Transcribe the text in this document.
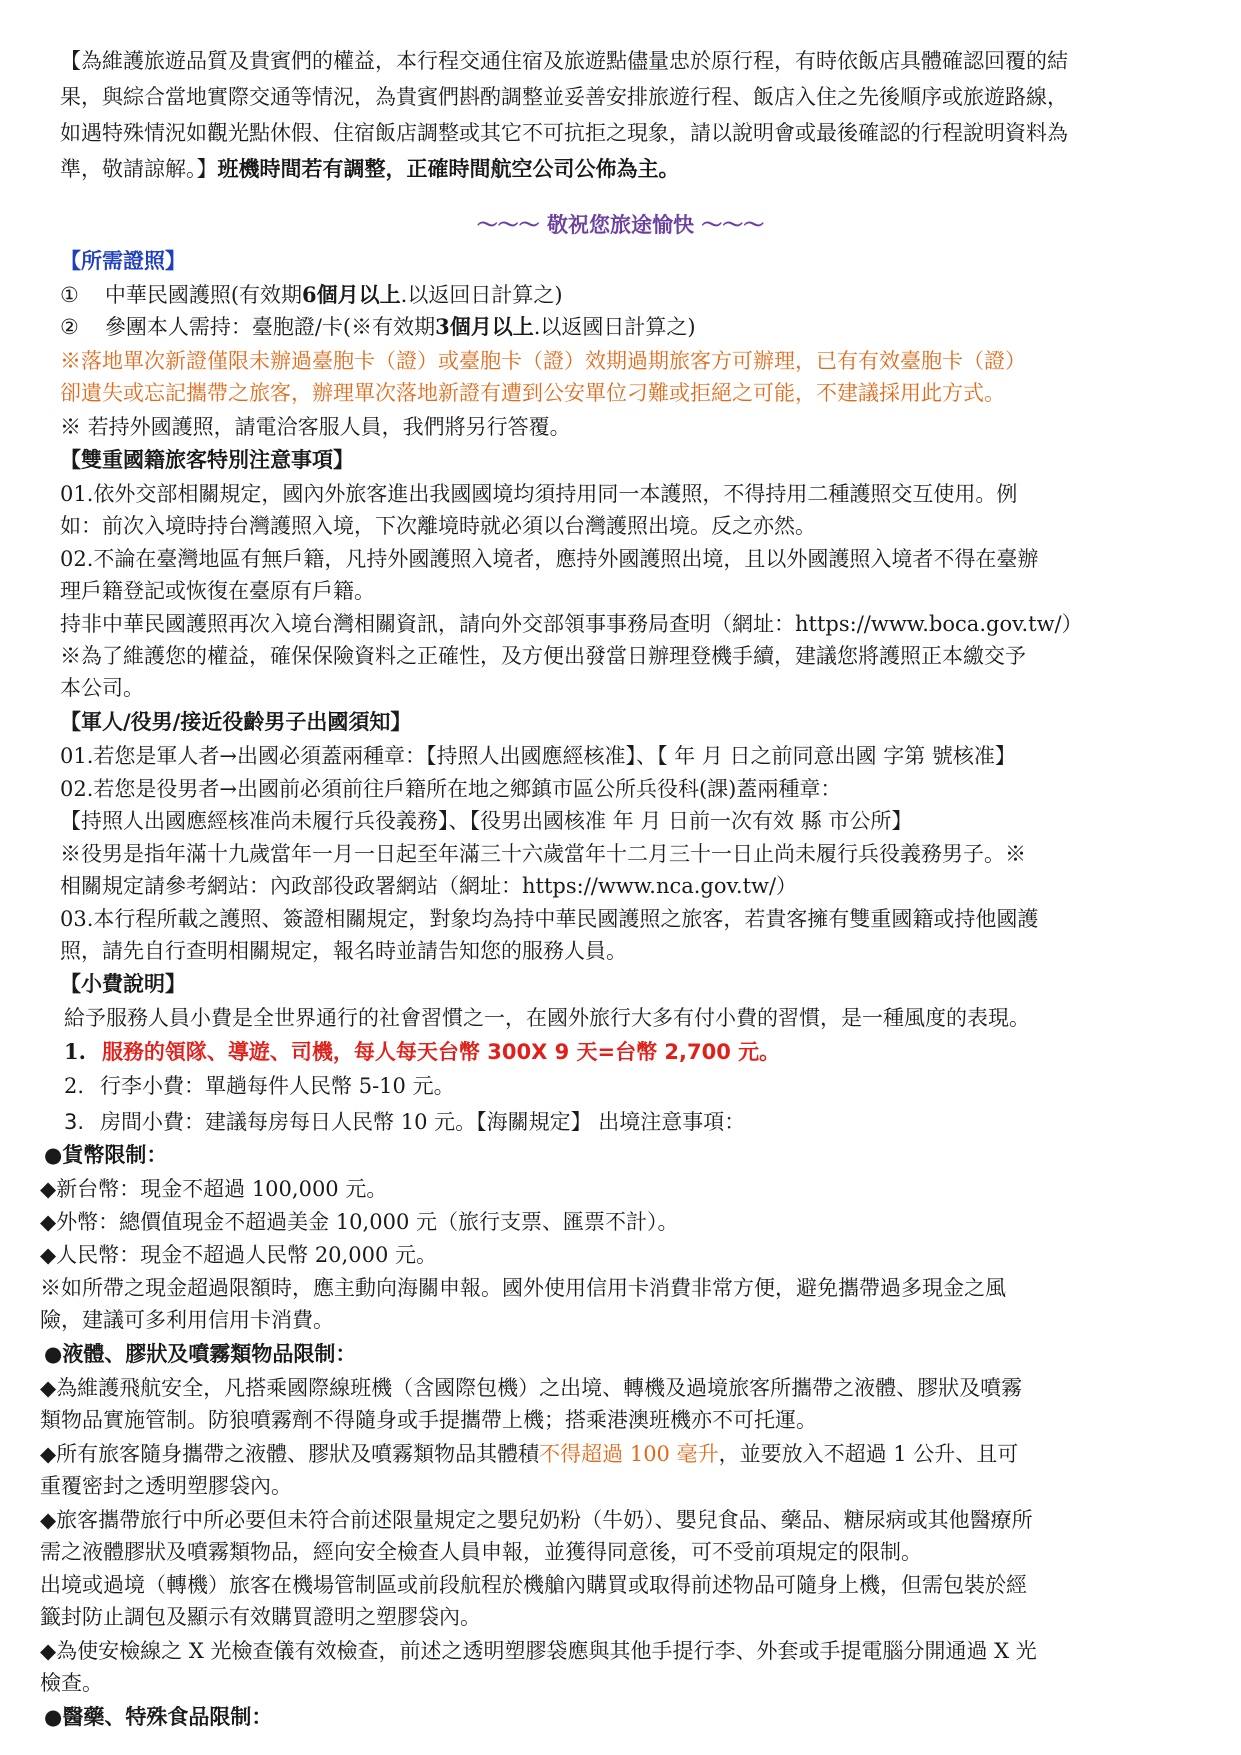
【為維護旅遊品質及貴賓們的權益，本行程交通住宿及旅遊點儘量忠於原行程，有時依飯店具體確認回覆的結
果，與綜合當地實際交通等情況，為貴賓們斟酌調整並妥善安排旅遊行程、飯店入住之先後順序或旅遊路線，
如遇特殊情況如觀光點休假、住宿飯店調整或其它不可抗拒之現象，請以說明會或最後確認的行程說明資料為
準，敬請諒解。】班機時間若有調整，正確時間航空公司公佈為主。
～～～ 敬祝您旅途愉快 ～～～
【所需證照】
① 中華民國護照(有效期6個月以上.以返回日計算之)
② 參團本人需持：臺胞證/卡(※有效期3個月以上.以返國日計算之)
※落地單次新證僅限未辦過臺胞卡（證）或臺胞卡（證）效期過期旅客方可辦理，已有有效臺胞卡（證）
卻遺失或忘記攜帶之旅客，辦理單次落地新證有遭到公安單位刁難或拒絕之可能，不建議採用此方式。
※ 若持外國護照，請電洽客服人員，我們將另行答覆。
【雙重國籍旅客特別注意事項】
01.依外交部相關規定，國內外旅客進出我國國境均須持用同一本護照，不得持用二種護照交互使用。例
如：前次入境時持台灣護照入境，下次離境時就必須以台灣護照出境。反之亦然。
02.不論在臺灣地區有無戶籍，凡持外國護照入境者，應持外國護照出境，且以外國護照入境者不得在臺辦
理戶籍登記或恢復在臺原有戶籍。
持非中華民國護照再次入境台灣相關資訊，請向外交部領事事務局查明（網址：https://www.boca.gov.tw/）
※為了維護您的權益，確保保險資料之正確性，及方便出發當日辦理登機手續，建議您將護照正本繳交予
本公司。
【軍人/役男/接近役齡男子出國須知】
01.若您是軍人者→出國必須蓋兩種章：【持照人出國應經核准】、【 年 月 日之前同意出國 字第 號核准】
02.若您是役男者→出國前必須前往戶籍所在地之鄉鎮市區公所兵役科(課)蓋兩種章：
【持照人出國應經核准尚未履行兵役義務】、【役男出國核准 年 月 日前一次有效 縣 市公所】
※役男是指年滿十九歲當年一月一日起至年滿三十六歲當年十二月三十一日止尚未履行兵役義務男子。※
相關規定請參考網站：內政部役政署網站（網址：https://www.nca.gov.tw/）
03.本行程所載之護照、簽證相關規定，對象均為持中華民國護照之旅客，若貴客擁有雙重國籍或持他國護
照，請先自行查明相關規定，報名時並請告知您的服務人員。
【小費說明】
給予服務人員小費是全世界通行的社會習慣之一，在國外旅行大多有付小費的習慣，是一種風度的表現。
1. 服務的領隊、導遊、司機，每人每天台幣 300X 9 天=台幣 2,700 元。
2. 行李小費：單趟每件人民幣 5-10 元。
3. 房間小費：建議每房每日人民幣 10 元。【海關規定】 出境注意事項：
●貨幣限制：
◆新台幣：現金不超過 100,000 元。
◆外幣：總價值現金不超過美金 10,000 元（旅行支票、匯票不計）。
◆人民幣：現金不超過人民幣 20,000 元。
※如所帶之現金超過限額時，應主動向海關申報。國外使用信用卡消費非常方便，避免攜帶過多現金之風
險，建議可多利用信用卡消費。
●液體、膠狀及噴霧類物品限制：
◆為維護飛航安全，凡搭乘國際線班機（含國際包機）之出境、轉機及過境旅客所攜帶之液體、膠狀及噴霧
類物品實施管制。防狼噴霧劑不得隨身或手提攜帶上機；搭乘港澳班機亦不可托運。
◆所有旅客隨身攜帶之液體、膠狀及噴霧類物品其體積不得超過 100 毫升，並要放入不超過 1 公升、且可
重覆密封之透明塑膠袋內。
◆旅客攜帶旅行中所必要但未符合前述限量規定之嬰兒奶粉（牛奶）、嬰兒食品、藥品、糖尿病或其他醫療所
需之液體膠狀及噴霧類物品，經向安全檢查人員申報，並獲得同意後，可不受前項規定的限制。
出境或過境（轉機）旅客在機場管制區或前段航程於機艙內購買或取得前述物品可隨身上機，但需包裝於經
籤封防止調包及顯示有效購買證明之塑膠袋內。
◆為使安檢線之 X 光檢查儀有效檢查，前述之透明塑膠袋應與其他手提行李、外套或手提電腦分開通過 X 光
檢查。
●醫藥、特殊食品限制：
